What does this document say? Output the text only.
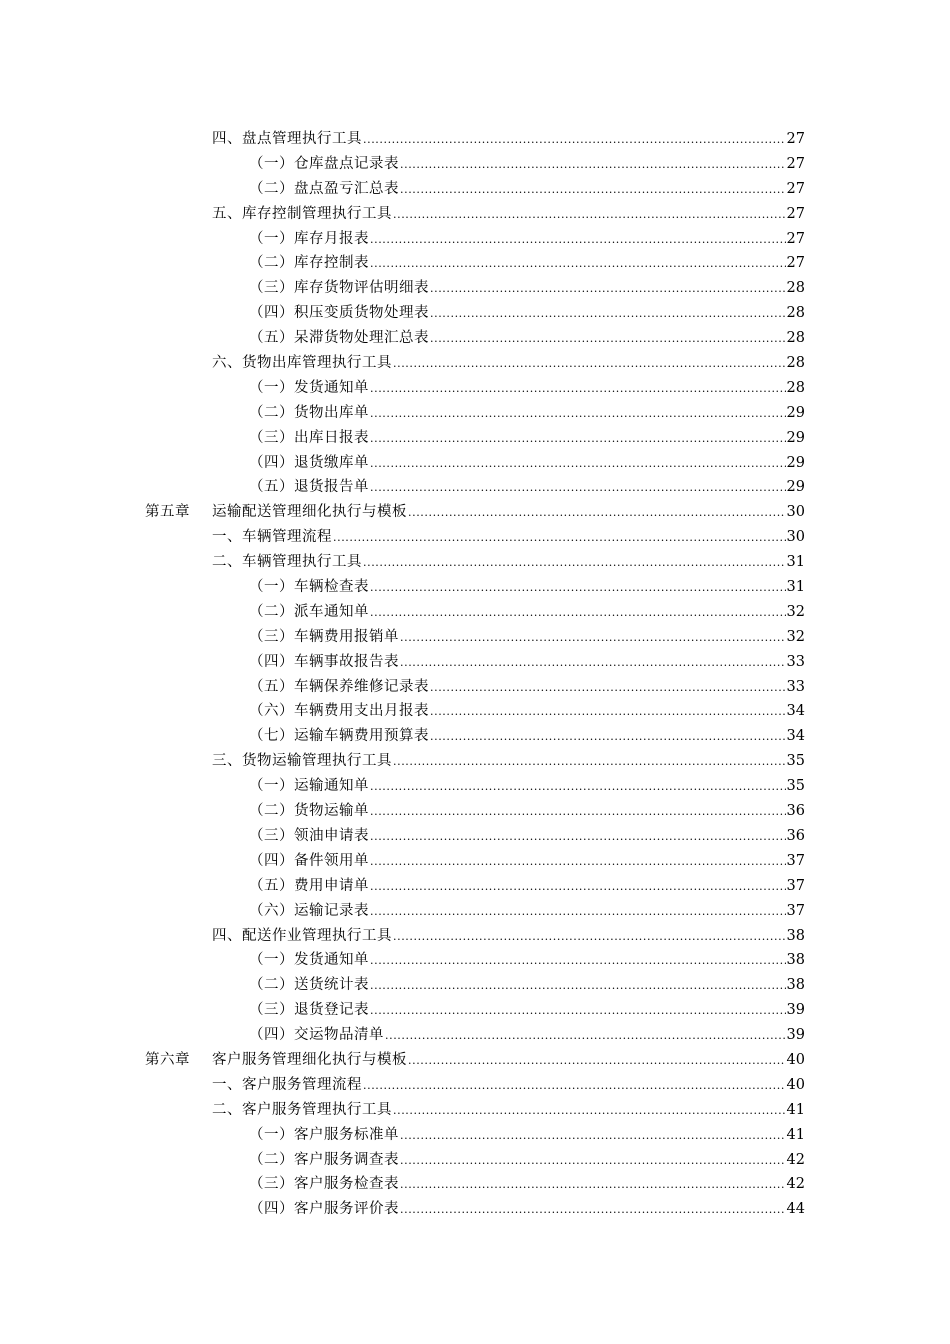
四、盘点管理执行工具 .....	27
（一）仓库盘点记录表 .....	27
（二）盘点盈亏汇总表 .....	27
五、库存控制管理执行工具 .....	27
（一）库存月报表 .....	27
（二）库存控制表 .....	27
（三）库存货物评估明细表 .....	28
（四）积压变质货物处理表 .....	28
（五）呆滞货物处理汇总表 .....	28
六、货物出库管理执行工具 .....	28
（一）发货通知单 .....	28
（二）货物出库单 .....	29
（三）出库日报表 .....	29
（四）退货缴库单 .....	29
（五）退货报告单 .....	29
第五章 运输配送管理细化执行与模板 .....	30
一、车辆管理流程 .....	30
二、车辆管理执行工具 .....	31
（一）车辆检查表 .....	31
（二）派车通知单 .....	32
（三）车辆费用报销单 .....	32
（四）车辆事故报告表 .....	33
（五）车辆保养维修记录表 .....	33
（六）车辆费用支出月报表 .....	34
（七）运输车辆费用预算表 .....	34
三、货物运输管理执行工具 .....	35
（一）运输通知单 .....	35
（二）货物运输单 .....	36
（三）领油申请表 .....	36
（四）备件领用单 .....	37
（五）费用申请单 .....	37
（六）运输记录表 .....	37
四、配送作业管理执行工具 .....	38
（一）发货通知单 .....	38
（二）送货统计表 .....	38
（三）退货登记表 .....	39
（四）交运物品清单 .....	39
第六章 客户服务管理细化执行与模板 .....	40
一、客户服务管理流程 .....	40
二、客户服务管理执行工具 .....	41
（一）客户服务标准单 .....	41
（二）客户服务调查表 .....	42
（三）客户服务检查表 .....	42
（四）客户服务评价表 .....	44
